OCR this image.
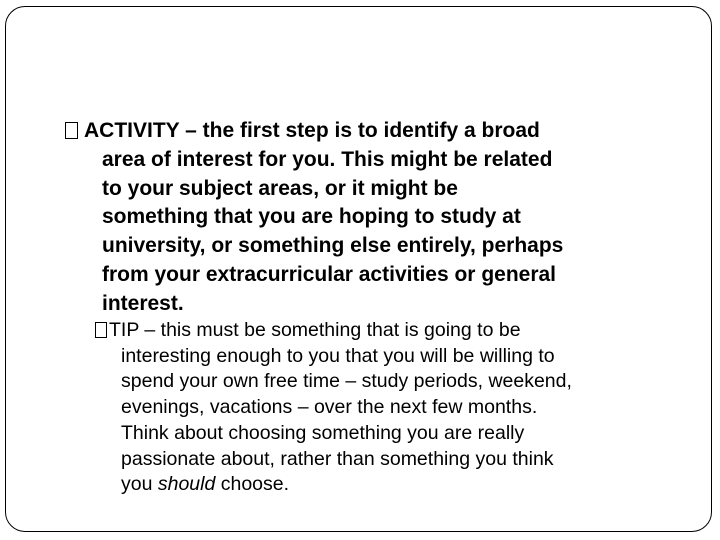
ACTIVITY – the first step is to identify a broad
area of interest for you. This might be related
to your subject areas, or it might be
something that you are hoping to study at
university, or something else entirely, perhaps
from your extracurricular activities or general
interest.
TIP – this must be something that is going to be
interesting enough to you that you will be willing to
spend your own free time – study periods, weekend,
evenings, vacations – over the next few months.
Think about choosing something you are really
passionate about, rather than something you think
you should choose.
